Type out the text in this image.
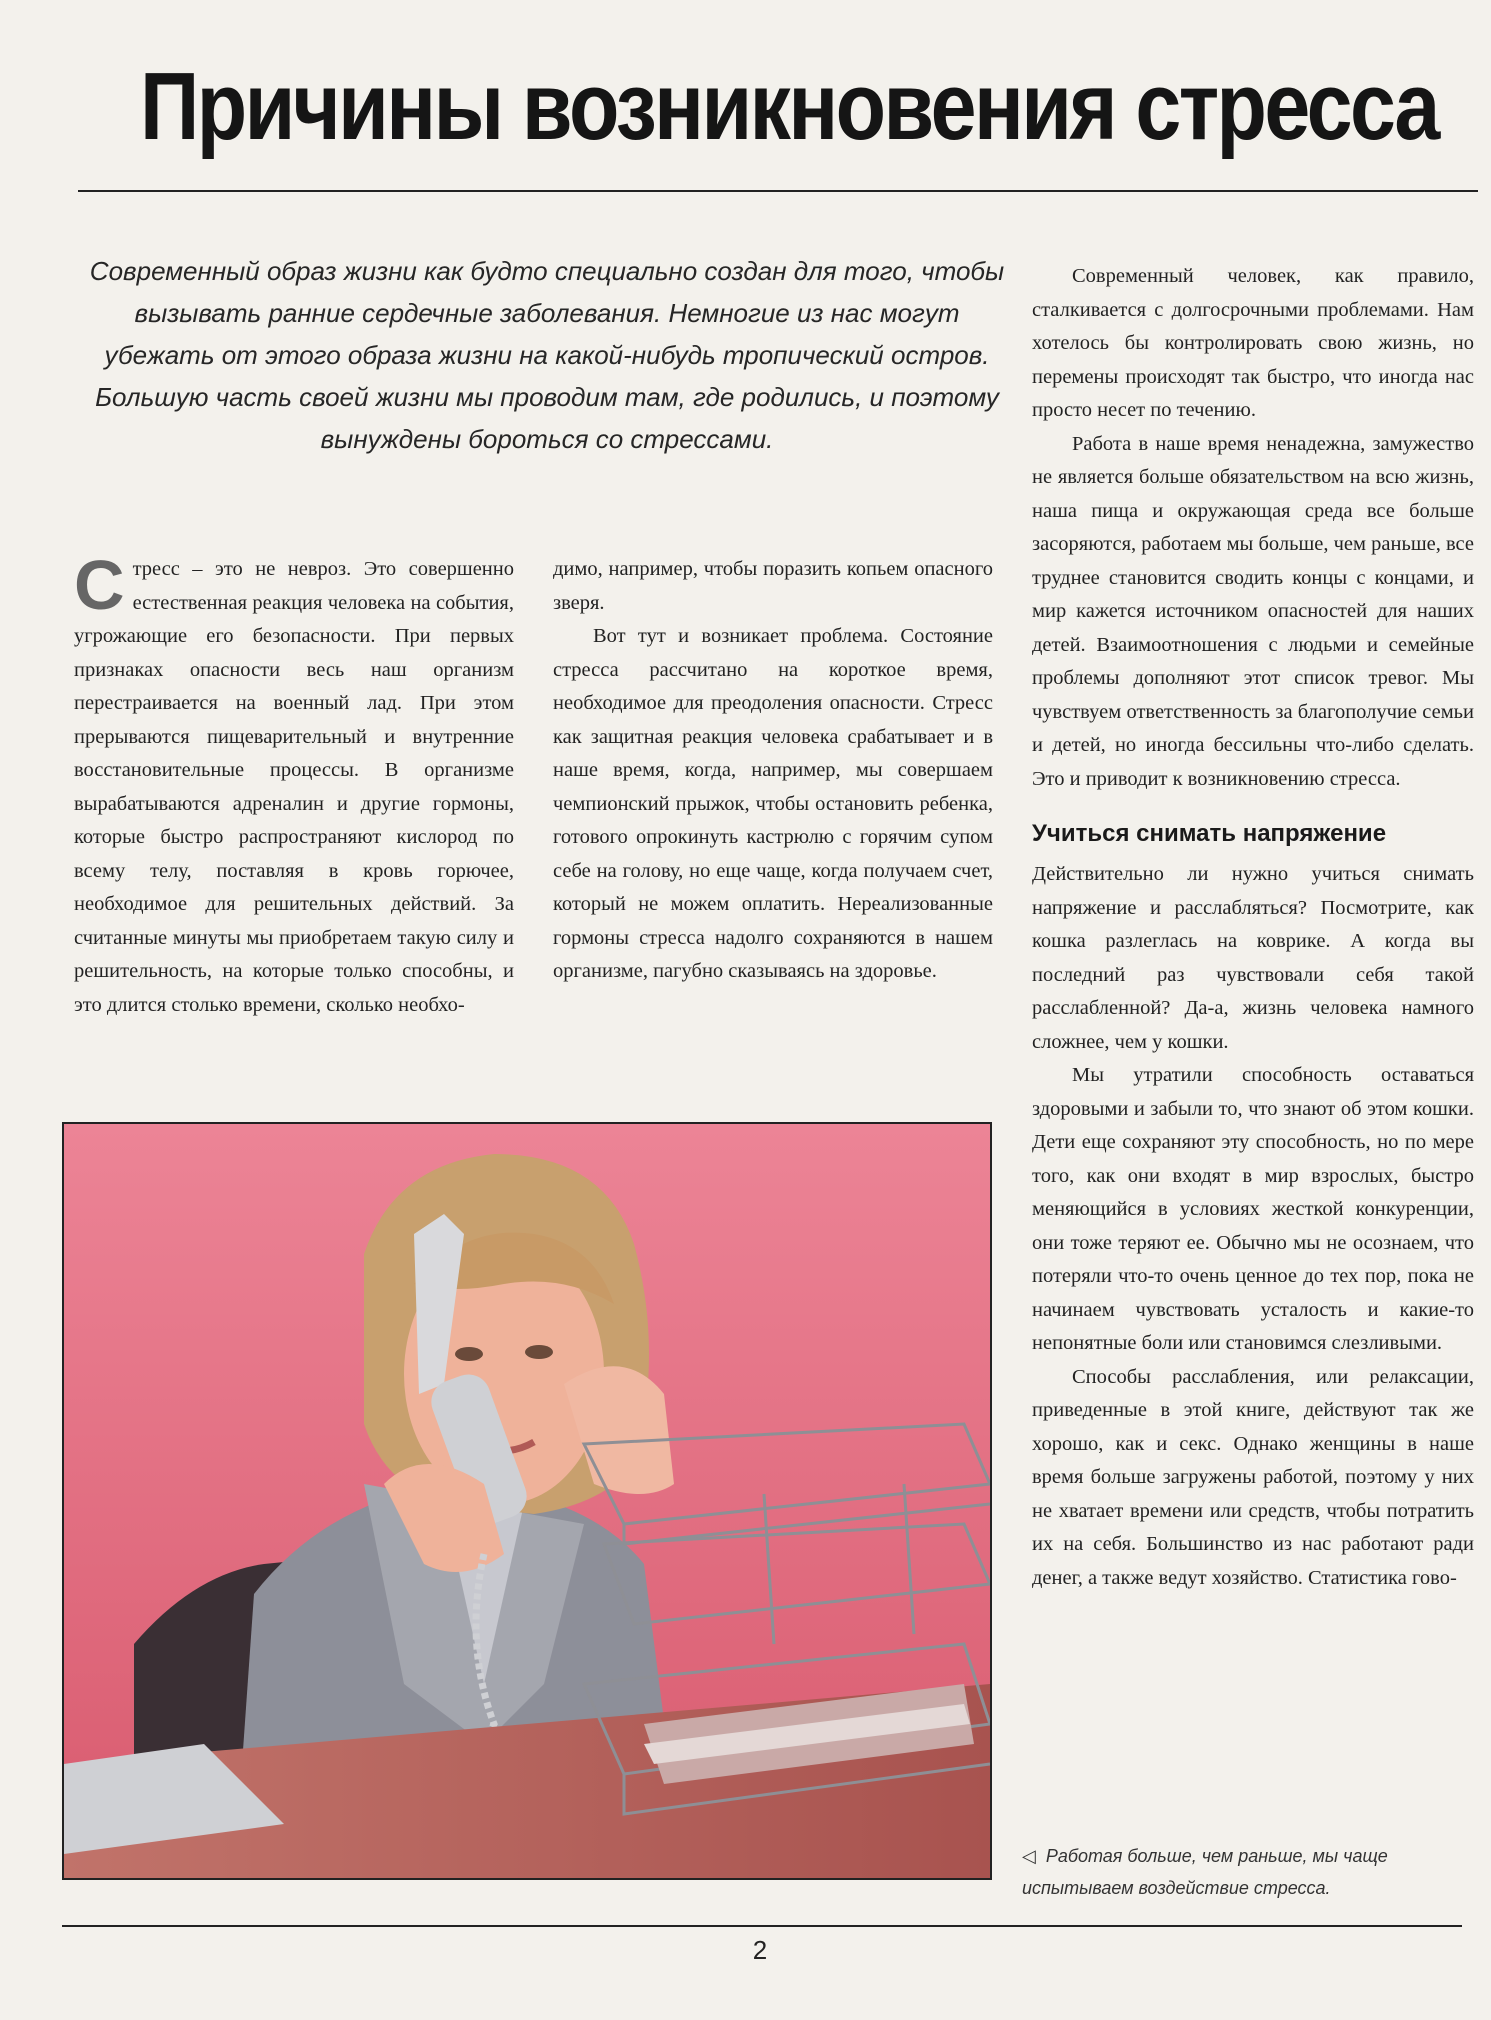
Причины возникновения стресса
Современный образ жизни как будто специально создан для того, чтобы вызывать ранние сердечные заболевания. Немногие из нас могут убежать от этого образа жизни на какой-нибудь тропический остров. Большую часть своей жизни мы проводим там, где родились, и поэтому вынуждены бороться со стрессами.

Стресс – это не невроз. Это совершенно естественная реакция человека на события, угрожающие его безопасности. При первых признаках опасности весь наш организм перестраивается на военный лад. При этом прерываются пищеварительный и внутренние восстановительные процессы. В организме вырабатываются адреналин и другие гормоны, которые быстро распространяют кислород по всему телу, поставляя в кровь горючее, необходимое для решительных действий. За считанные минуты мы приобретаем такую силу и решительность, на которые только способны, и это длится столько времени, сколько необхо-

димо, например, чтобы поразить копьем опасного зверя.

Вот тут и возникает проблема. Состояние стресса рассчитано на короткое время, необходимое для преодоления опасности. Стресс как защитная реакция человека срабатывает и в наше время, когда, например, мы совершаем чемпионский прыжок, чтобы остановить ребенка, готового опрокинуть кастрюлю с горячим супом себе на голову, но еще чаще, когда получаем счет, который не можем оплатить. Нереализованные гормоны стресса надолго сохраняются в нашем организме, пагубно сказываясь на здоровье.

Современный человек, как правило, сталкивается с долгосрочными проблемами. Нам хотелось бы контролировать свою жизнь, но перемены происходят так быстро, что иногда нас просто несет по течению.

Работа в наше время ненадежна, замужество не является больше обязательством на всю жизнь, наша пища и окружающая среда все больше засоряются, работаем мы больше, чем раньше, все труднее становится сводить концы с концами, и мир кажется источником опасностей для наших детей. Взаимоотношения с людьми и семейные проблемы дополняют этот список тревог. Мы чувствуем ответственность за благополучие семьи и детей, но иногда бессильны что-либо сделать. Это и приводит к возникновению стресса.

Учиться снимать напряжение

Действительно ли нужно учиться снимать напряжение и расслабляться? Посмотрите, как кошка разлеглась на коврике. А когда вы последний раз чувствовали себя такой расслабленной? Да-а, жизнь человека намного сложнее, чем у кошки.

Мы утратили способность оставаться здоровыми и забыли то, что знают об этом кошки. Дети еще сохраняют эту способность, но по мере того, как они входят в мир взрослых, быстро меняющийся в условиях жесткой конкуренции, они тоже теряют ее. Обычно мы не осознаем, что потеряли что-то очень ценное до тех пор, пока не начинаем чувствовать усталость и какие-то непонятные боли или становимся слезливыми.

Способы расслабления, или релаксации, приведенные в этой книге, действуют так же хорошо, как и секс. Однако женщины в наше время больше загружены работой, поэтому у них не хватает времени или средств, чтобы потратить их на себя. Большинство из нас работают ради денег, а также ведут хозяйство. Статистика гово-

◁ Работая больше, чем раньше, мы чаще испытываем воздействие стресса.
2
